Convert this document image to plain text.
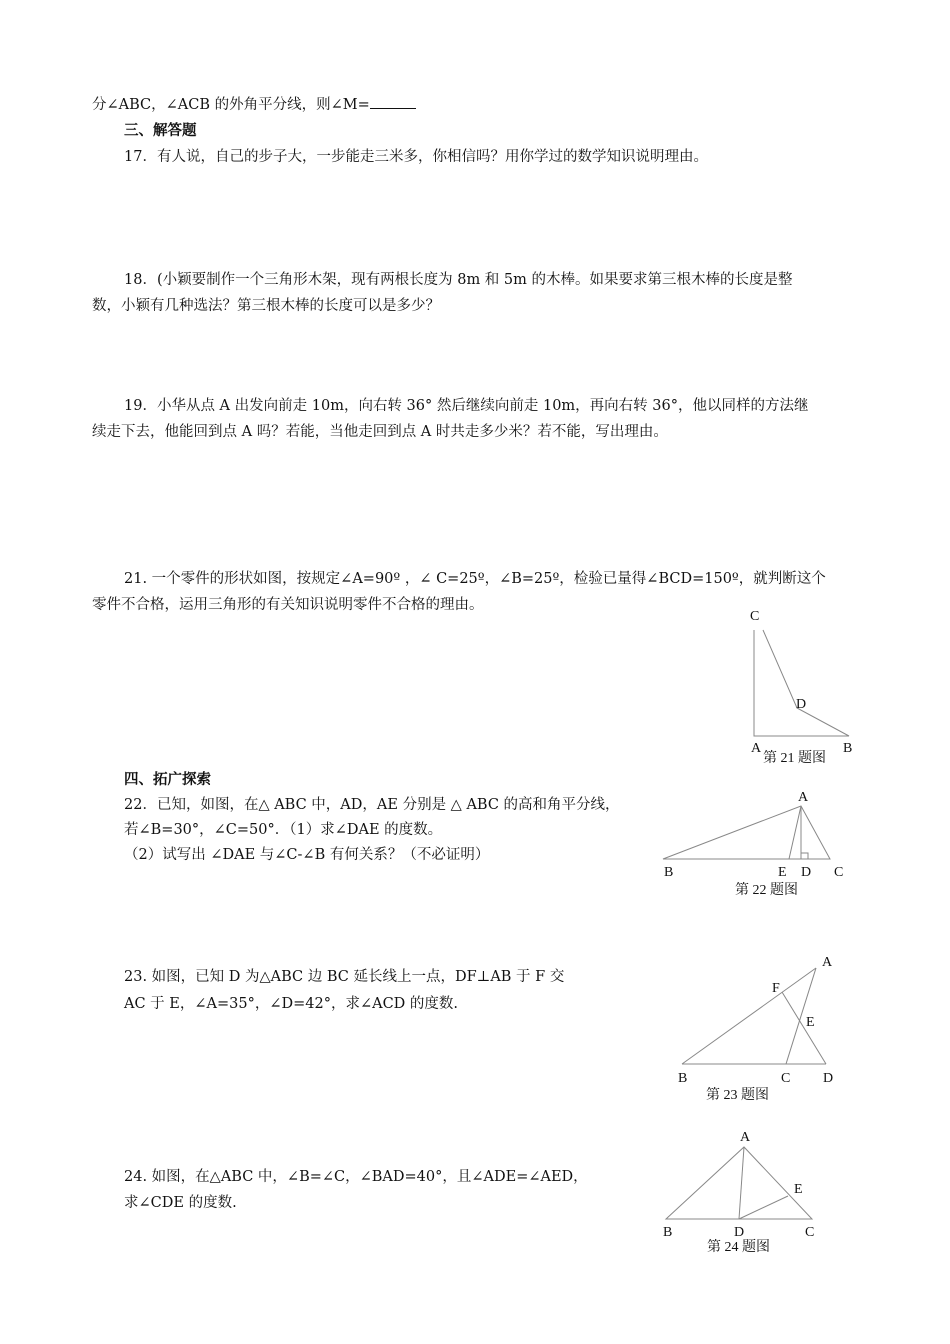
分∠ABC，∠ACB 的外角平分线，则∠M=
三、解答题
17．有人说，自己的步子大，一步能走三米多，你相信吗？用你学过的数学知识说明理由。
18．(小颖要制作一个三角形木架，现有两根长度为 8m 和 5m 的木棒。如果要求第三根木棒的长度是整
数，小颖有几种选法？第三根木棒的长度可以是多少？
19．小华从点 A 出发向前走 10m，向右转 36° 然后继续向前走 10m，再向右转 36°，他以同样的方法继
续走下去，他能回到点 A 吗？若能，当他走回到点 A 时共走多少米？若不能，写出理由。
21. 一个零件的形状如图，按规定∠A=90º ，∠ C=25º，∠B=25º，检验已量得∠BCD=150º，就判断这个
零件不合格，运用三角形的有关知识说明零件不合格的理由。
四、拓广探索
22．已知，如图，在△ ABC 中，AD，AE 分别是 △ ABC 的高和角平分线，
若∠B=30°，∠C=50°．（1）求∠DAE 的度数。
（2）试写出 ∠DAE 与∠C-∠B 有何关系？（不必证明）
23. 如图，已知 D 为△ABC 边 BC 延长线上一点，DF⊥AB 于 F 交
AC 于 E，∠A=35°，∠D=42°，求∠ACD 的度数.
24. 如图，在△ABC 中，∠B=∠C，∠BAD=40°，且∠ADE=∠AED，
求∠CDE 的度数.
C
D
A	B
第 21 题图
A
B	E D C
第 22 题图
A
F
E
B	C D
第 23 题图
A
E
B	D	C
第 24 题图
